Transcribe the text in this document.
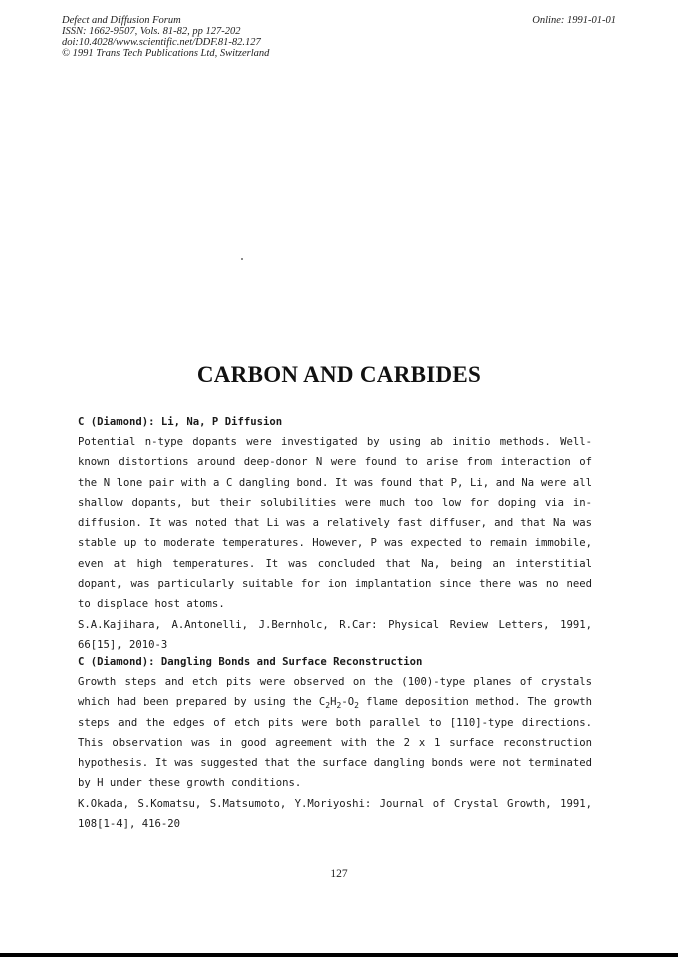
Defect and Diffusion Forum
ISSN: 1662-9507, Vols. 81-82, pp 127-202
doi:10.4028/www.scientific.net/DDF.81-82.127
© 1991 Trans Tech Publications Ltd, Switzerland
Online: 1991-01-01
CARBON AND CARBIDES
C (Diamond): Li, Na, P Diffusion
Potential n-type dopants were investigated by using ab initio methods. Well-known distortions around deep-donor N were found to arise from interaction of the N lone pair with a C dangling bond. It was found that P, Li, and Na were all shallow dopants, but their solubilities were much too low for doping via in-diffusion. It was noted that Li was a relatively fast diffuser, and that Na was stable up to moderate temperatures. However, P was expected to remain immobile, even at high temperatures. It was concluded that Na, being an interstitial dopant, was particularly suitable for ion implantation since there was no need to displace host atoms.
S.A.Kajihara, A.Antonelli, J.Bernholc, R.Car: Physical Review Letters, 1991, 66[15], 2010-3
C (Diamond): Dangling Bonds and Surface Reconstruction
Growth steps and etch pits were observed on the (100)-type planes of crystals which had been prepared by using the $C_2H_2-O_2$ flame deposition method. The growth steps and the edges of etch pits were both parallel to [110]-type directions. This observation was in good agreement with the 2 x 1 surface reconstruction hypothesis. It was suggested that the surface dangling bonds were not terminated by H under these growth conditions.
K.Okada, S.Komatsu, S.Matsumoto, Y.Moriyoshi: Journal of Crystal Growth, 1991, 108[1-4], 416-20
127
